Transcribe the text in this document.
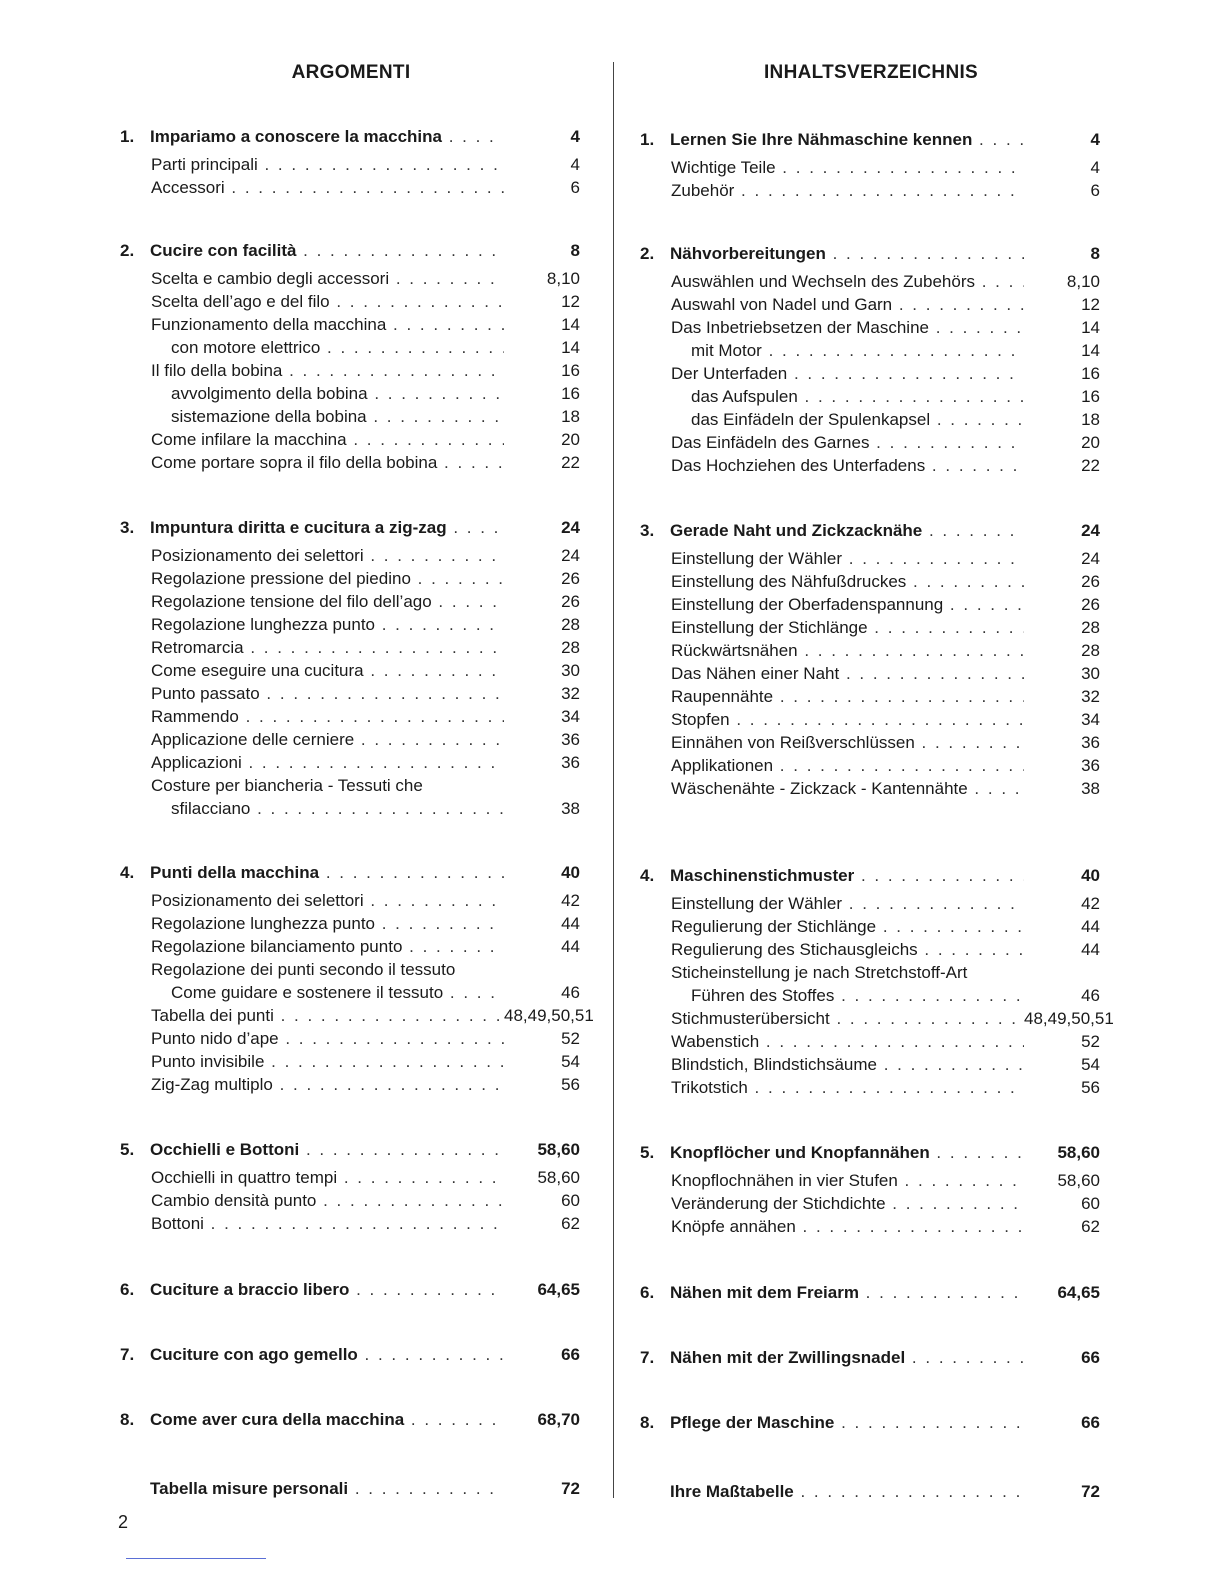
ARGOMENTI
1. Impariamo a conoscere la macchina . . .	4
Parti principali . . .	4
Accessori . . .	6
2. Cucire con facilità . . .	8
Scelta e cambio degli accessori . . .	8,10
Scelta dell’ago e del filo . . .	12
Funzionamento della macchina . . .	14
con motore elettrico . . .	14
Il filo della bobina . . .	16
avvolgimento della bobina . . .	16
sistemazione della bobina . . .	18
Come infilare la macchina . . .	20
Come portare sopra il filo della bobina . . .	22
3. Impuntura diritta e cucitura a zig-zag . . .	24
Posizionamento dei selettori . . .	24
Regolazione pressione del piedino . . .	26
Regolazione tensione del filo dell’ago . . .	26
Regolazione lunghezza punto . . .	28
Retromarcia . . .	28
Come eseguire una cucitura . . .	30
Punto passato . . .	32
Rammendo . . .	34
Applicazione delle cerniere . . .	36
Applicazioni . . .	36
Costure per biancheria - Tessuti che
sfilacciano . . .	38
4. Punti della macchina . . .	40
Posizionamento dei selettori . . .	42
Regolazione lunghezza punto . . .	44
Regolazione bilanciamento punto . . .	44
Regolazione dei punti secondo il tessuto
Come guidare e sostenere il tessuto . . .	46
Tabella dei punti . . .	48,49,50,51
Punto nido d’ape . . .	52
Punto invisibile . . .	54
Zig-Zag multiplo . . .	56
5. Occhielli e Bottoni . . .	58,60
Occhielli in quattro tempi . . .	58,60
Cambio densità punto . . .	60
Bottoni . . .	62
6. Cuciture a braccio libero . . .	64,65
7. Cuciture con ago gemello . . .	66
8. Come aver cura della macchina . . .	68,70
Tabella misure personali . . .	72
INHALTSVERZEICHNIS
1. Lernen Sie Ihre Nähmaschine kennen . . .	4
Wichtige Teile . . .	4
Zubehör . . .	6
2. Nähvorbereitungen . . .	8
Auswählen und Wechseln des Zubehörs . . .	8,10
Auswahl von Nadel und Garn . . .	12
Das Inbetriebsetzen der Maschine . . .	14
mit Motor . . .	14
Der Unterfaden . . .	16
das Aufspulen . . .	16
das Einfädeln der Spulenkapsel . . .	18
Das Einfädeln des Garnes . . .	20
Das Hochziehen des Unterfadens . . .	22
3. Gerade Naht und Zickzacknähe . . .	24
Einstellung der Wähler . . .	24
Einstellung des Nähfußdruckes . . .	26
Einstellung der Oberfadenspannung . . .	26
Einstellung der Stichlänge . . .	28
Rückwärtsnähen . . .	28
Das Nähen einer Naht . . .	30
Raupennähte . . .	32
Stopfen . . .	34
Einnähen von Reißverschlüssen . . .	36
Applikationen . . .	36
Wäschenähte - Zickzack - Kantennähte . . .	38
4. Maschinenstichmuster . . .	40
Einstellung der Wähler . . .	42
Regulierung der Stichlänge . . .	44
Regulierung des Stichausgleichs . . .	44
Sticheinstellung je nach Stretchstoff-Art
Führen des Stoffes . . .	46
Stichmusterübersicht . . .	48,49,50,51
Wabenstich . . .	52
Blindstich, Blindstichsäume . . .	54
Trikotstich . . .	56
5. Knopflöcher und Knopfannähen . . .	58,60
Knopflochnähen in vier Stufen . . .	58,60
Veränderung der Stichdichte . . .	60
Knöpfe annähen . . .	62
6. Nähen mit dem Freiarm . . .	64,65
7. Nähen mit der Zwillingsnadel . . .	66
8. Pflege der Maschine . . .	66
Ihre Maßtabelle . . .	72
2
